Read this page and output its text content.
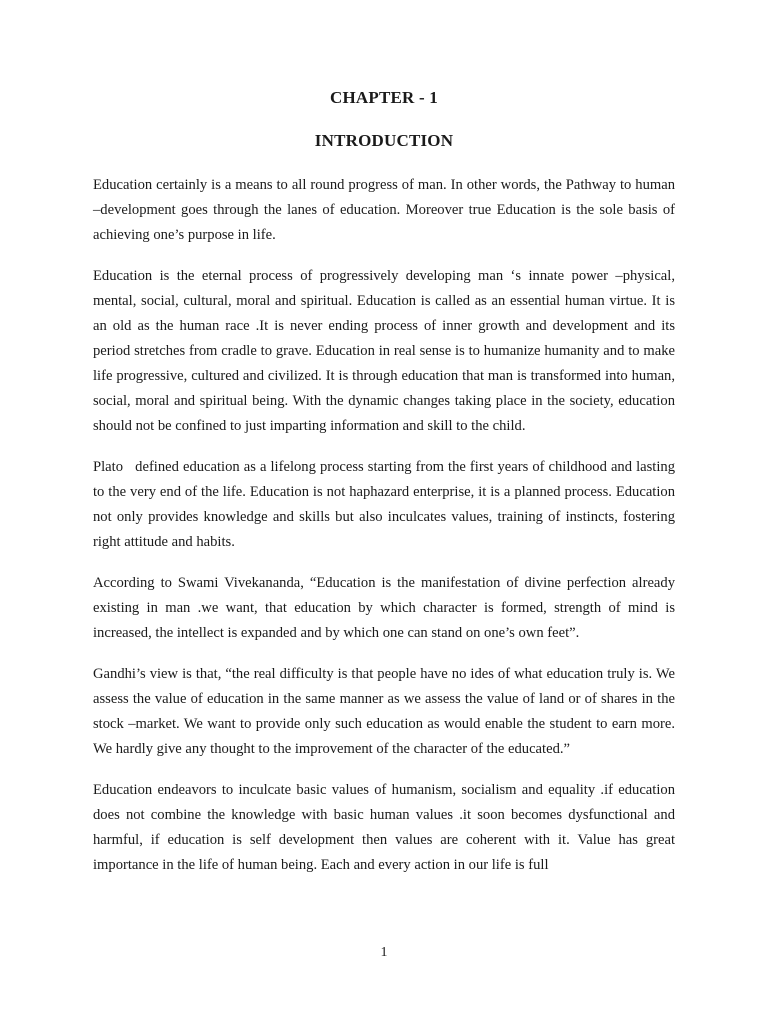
CHAPTER - 1
INTRODUCTION

Education certainly is a means to all round progress of man. In other words, the Pathway to human –development goes through the lanes of education. Moreover true Education is the sole basis of achieving one’s purpose in life.

Education is the eternal process of progressively developing man ‘s innate power –physical, mental, social, cultural, moral and spiritual. Education is called as an essential human virtue. It is an old as the human race .It is never ending process of inner growth and development and its period stretches from cradle to grave. Education in real sense is to humanize humanity and to make life progressive, cultured and civilized. It is through education that man is transformed into human, social, moral and spiritual being. With the dynamic changes taking place in the society, education should not be confined to just imparting information and skill to the child.

Plato   defined education as a lifelong process starting from the first years of childhood and lasting to the very end of the life. Education is not haphazard enterprise, it is a planned process. Education not only provides knowledge and skills but also inculcates values, training of instincts, fostering right attitude and habits.

According to Swami Vivekananda, “Education is the manifestation of divine perfection already existing in man .we want, that education by which character is formed, strength of mind is increased, the intellect is expanded and by which one can stand on one’s own feet”.

Gandhi’s view is that, “the real difficulty is that people have no ides of what education truly is. We assess the value of education in the same manner as we assess the value of land or of shares in the stock –market. We want to provide only such education as would enable the student to earn more. We hardly give any thought to the improvement of the character of the educated.”

Education endeavors to inculcate basic values of humanism, socialism and equality .if education does not combine the knowledge with basic human values .it soon becomes dysfunctional and harmful, if education is self development then values are coherent with it. Value has great importance in the life of human being. Each and every action in our life is full

1
